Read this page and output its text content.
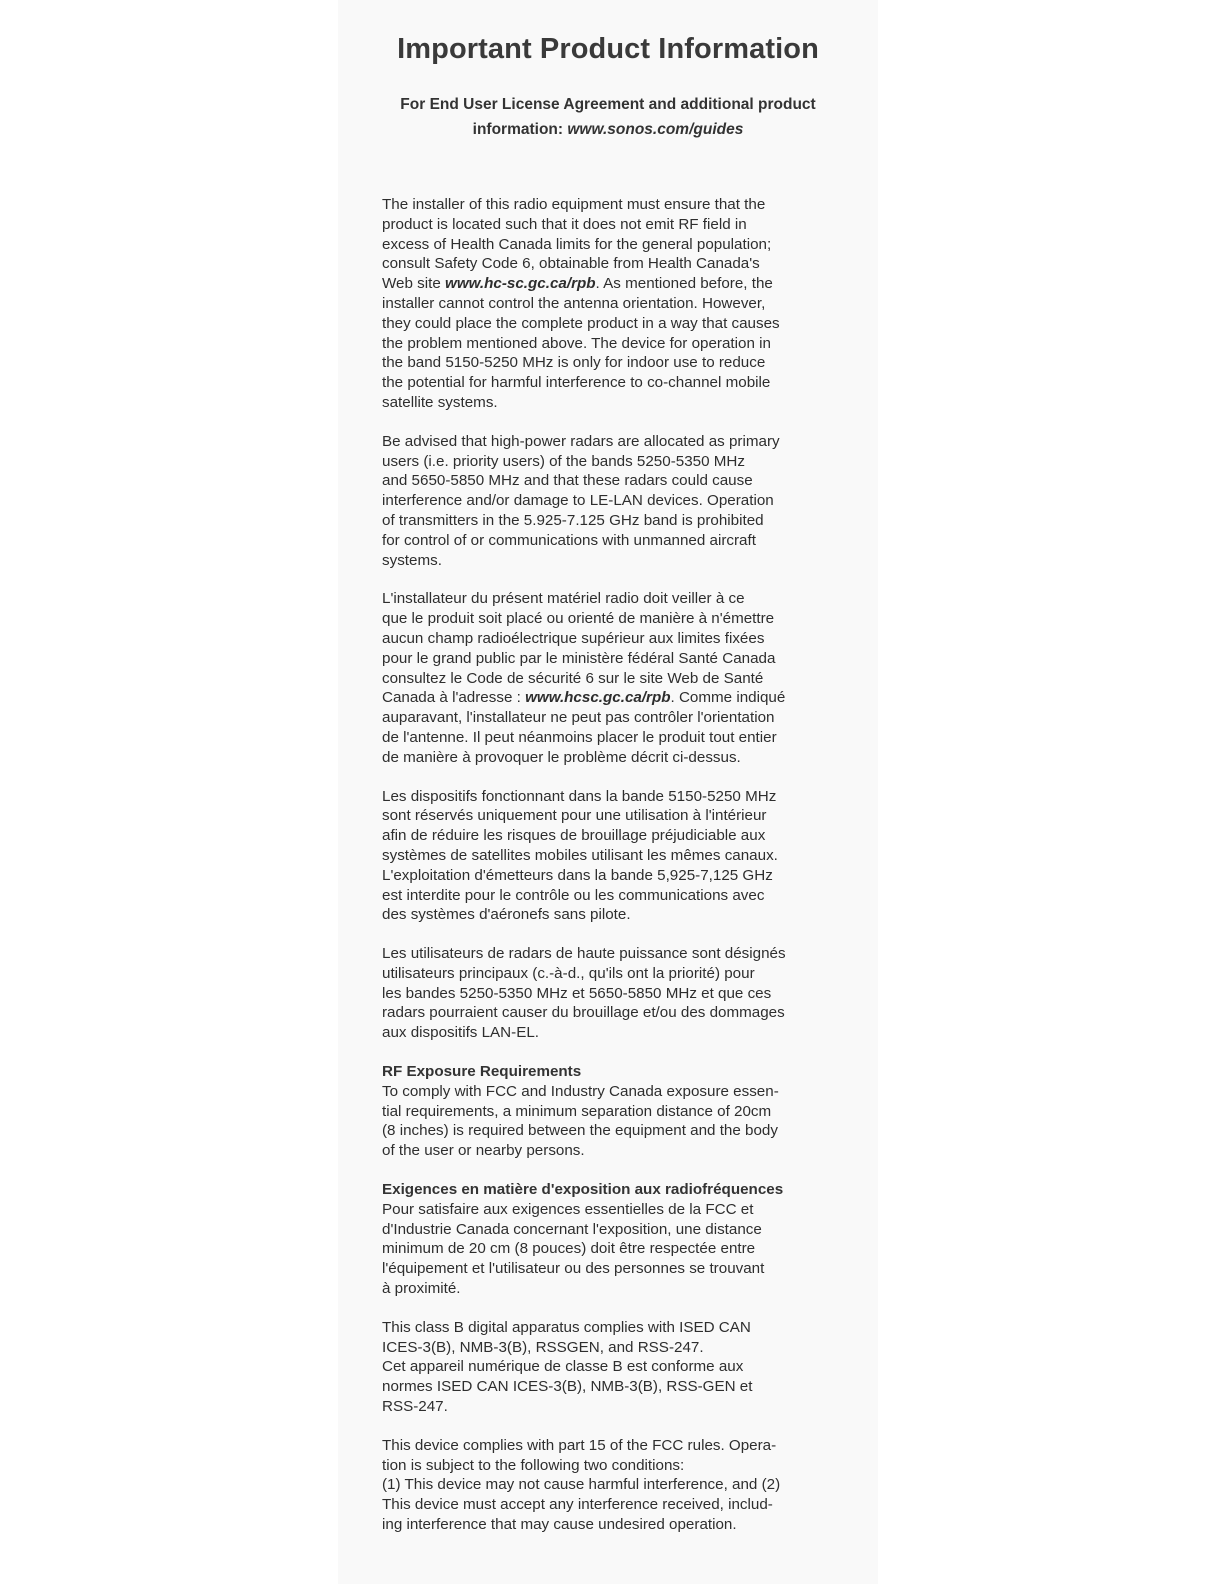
Important Product Information

For End User License Agreement and additional product
information: www.sonos.com/guides

The installer of this radio equipment must ensure that the
product is located such that it does not emit RF field in
excess of Health Canada limits for the general population;
consult Safety Code 6, obtainable from Health Canada's
Web site www.hc-sc.gc.ca/rpb. As mentioned before, the
installer cannot control the antenna orientation. However,
they could place the complete product in a way that causes
the problem mentioned above. The device for operation in
the band 5150-5250 MHz is only for indoor use to reduce
the potential for harmful interference to co-channel mobile
satellite systems.

Be advised that high-power radars are allocated as primary
users (i.e. priority users) of the bands 5250-5350 MHz
and 5650-5850 MHz and that these radars could cause
interference and/or damage to LE-LAN devices. Operation
of transmitters in the 5.925-7.125 GHz band is prohibited
for control of or communications with unmanned aircraft
systems.

L'installateur du présent matériel radio doit veiller à ce
que le produit soit placé ou orienté de manière à n'émettre
aucun champ radioélectrique supérieur aux limites fixées
pour le grand public par le ministère fédéral Santé Canada
consultez le Code de sécurité 6 sur le site Web de Santé
Canada à l'adresse : www.hcsc.gc.ca/rpb. Comme indiqué
auparavant, l'installateur ne peut pas contrôler l'orientation
de l'antenne. Il peut néanmoins placer le produit tout entier
de manière à provoquer le problème décrit ci-dessus.

Les dispositifs fonctionnant dans la bande 5150-5250 MHz
sont réservés uniquement pour une utilisation à l'intérieur
afin de réduire les risques de brouillage préjudiciable aux
systèmes de satellites mobiles utilisant les mêmes canaux.
L'exploitation d'émetteurs dans la bande 5,925-7,125 GHz
est interdite pour le contrôle ou les communications avec
des systèmes d'aéronefs sans pilote.

Les utilisateurs de radars de haute puissance sont désignés
utilisateurs principaux (c.-à-d., qu'ils ont la priorité) pour
les bandes 5250-5350 MHz et 5650-5850 MHz et que ces
radars pourraient causer du brouillage et/ou des dommages
aux dispositifs LAN-EL.

RF Exposure Requirements
To comply with FCC and Industry Canada exposure essen-
tial requirements, a minimum separation distance of 20cm
(8 inches) is required between the equipment and the body
of the user or nearby persons.

Exigences en matière d'exposition aux radiofréquences
Pour satisfaire aux exigences essentielles de la FCC et
d'Industrie Canada concernant l'exposition, une distance
minimum de 20 cm (8 pouces) doit être respectée entre
l'équipement et l'utilisateur ou des personnes se trouvant
à proximité.

This class B digital apparatus complies with ISED CAN
ICES-3(B), NMB-3(B), RSSGEN, and RSS-247.
Cet appareil numérique de classe B est conforme aux
normes ISED CAN ICES-3(B), NMB-3(B), RSS-GEN et
RSS-247.

This device complies with part 15 of the FCC rules. Opera-
tion is subject to the following two conditions:
(1) This device may not cause harmful interference, and (2)
This device must accept any interference received, includ-
ing interference that may cause undesired operation.
